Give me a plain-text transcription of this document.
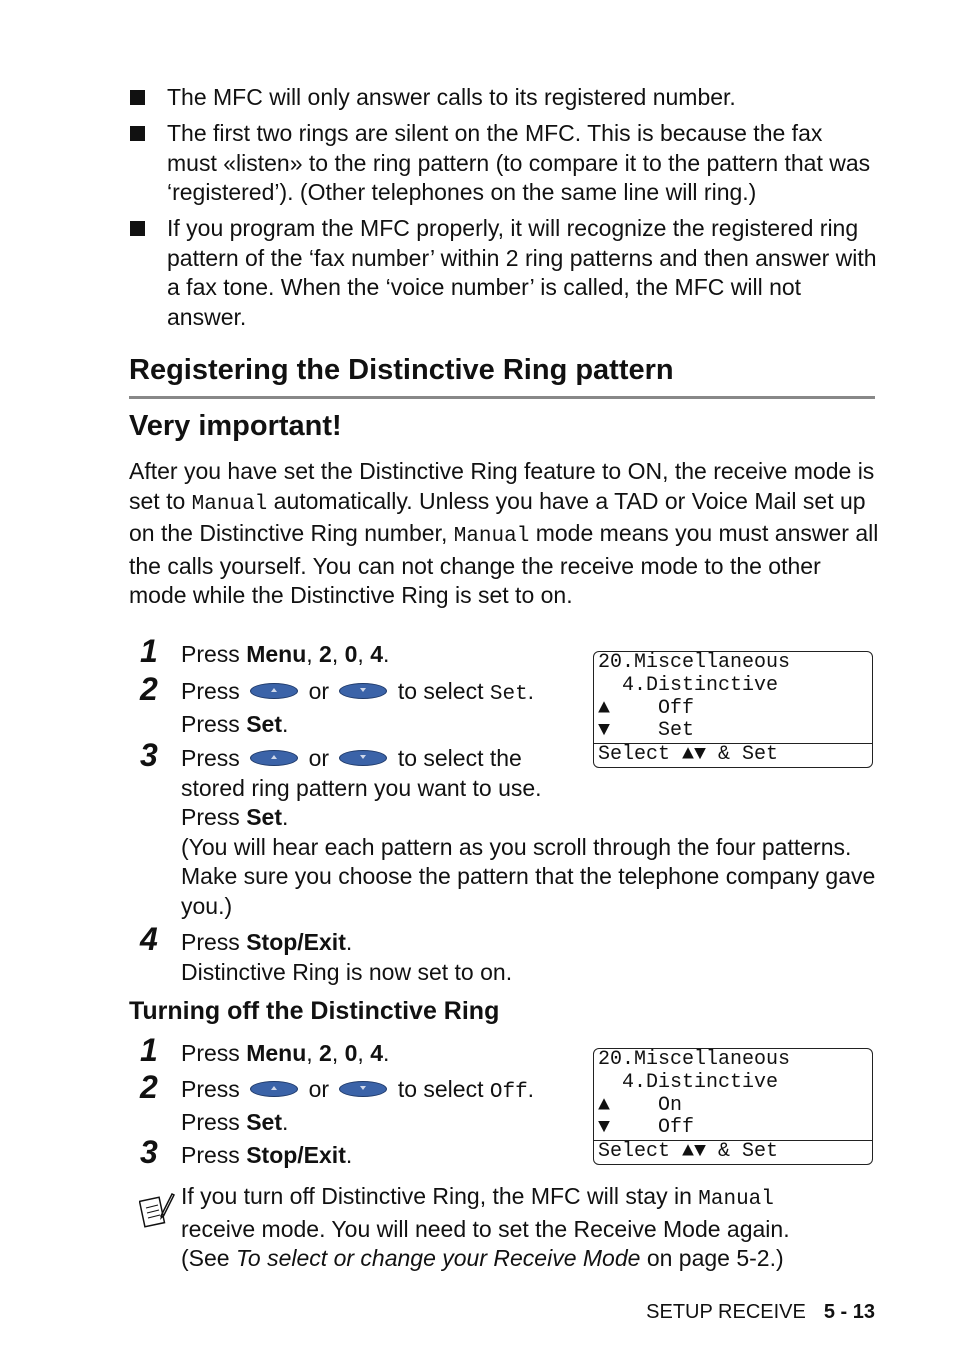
The MFC will only answer calls to its registered number.
The first two rings are silent on the MFC. This is because the fax must «listen» to the ring pattern (to compare it to the pattern that was ‘registered’). (Other telephones on the same line will ring.)
If you program the MFC properly, it will recognize the registered ring pattern of the ‘fax number’ within 2 ring patterns and then answer with a fax tone. When the ‘voice number’ is called, the MFC will not answer.
Registering the Distinctive Ring pattern
Very important!
After you have set the Distinctive Ring feature to ON, the receive mode is set to Manual automatically. Unless you have a TAD or Voice Mail set up on the Distinctive Ring number, Manual mode means you must answer all the calls yourself. You can not change the receive mode to the other mode while the Distinctive Ring is set to on.
1 Press Menu, 2, 0, 4.
2 Press	or	to select Set.
Press Set.
3 Press	or	to select the
stored ring pattern you want to use.
Press Set.
(You will hear each pattern as you scroll through the four patterns. Make sure you choose the pattern that the telephone company gave you.)
4 Press Stop/Exit.
Distinctive Ring is now set to on.
20.Miscellaneous
4.Distinctive
▲    Off
▼    Set
Select ▲▼ & Set
Turning off the Distinctive Ring
1 Press Menu, 2, 0, 4.
2 Press	or	to select Off.
Press Set.
3 Press Stop/Exit.
20.Miscellaneous
4.Distinctive
▲    On
▼    Off
Select ▲▼ & Set
If you turn off Distinctive Ring, the MFC will stay in Manual
receive mode. You will need to set the Receive Mode again.
(See To select or change your Receive Mode on page 5-2.)
SETUP RECEIVE 5 - 13
